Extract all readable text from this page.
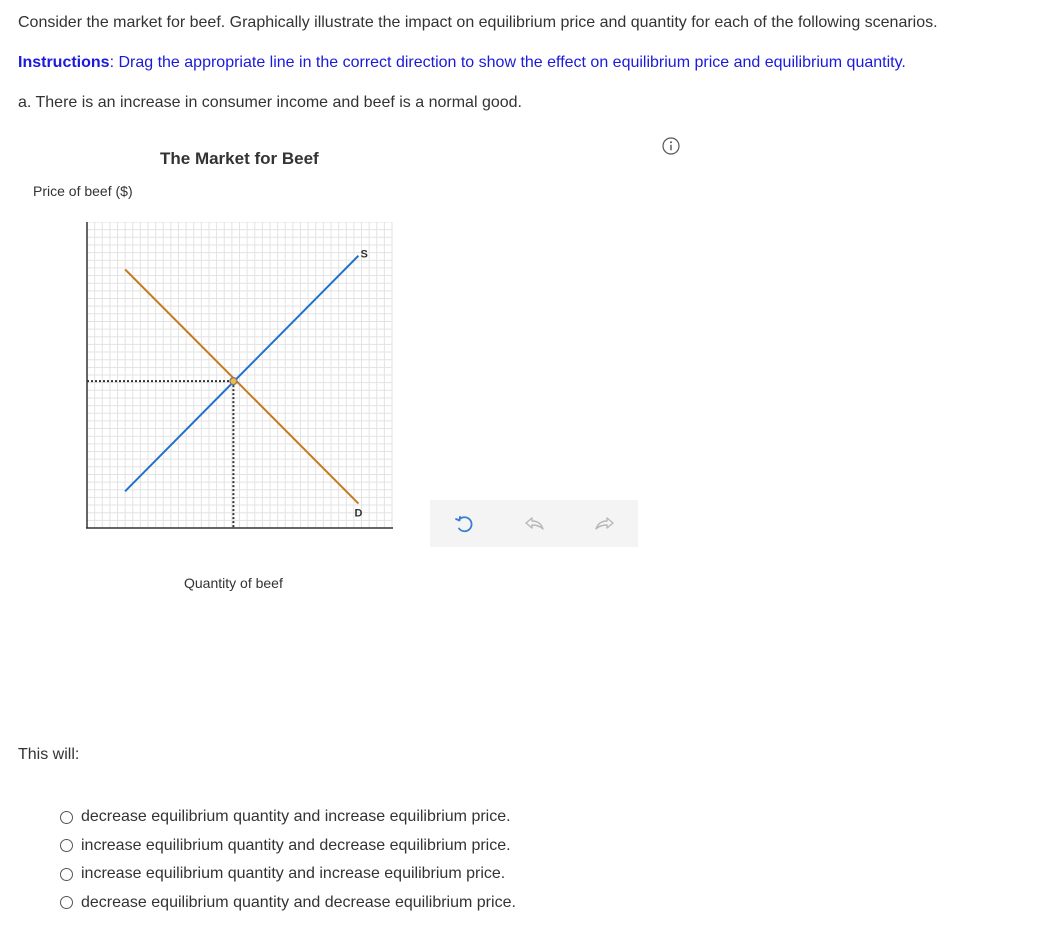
Consider the market for beef. Graphically illustrate the impact on equilibrium price and quantity for each of the following scenarios.
Instructions: Drag the appropriate line in the correct direction to show the effect on equilibrium price and equilibrium quantity.
a. There is an increase in consumer income and beef is a normal good.
The Market for Beef
Price of beef ($)
S
D
Quantity of beef
This will:
decrease equilibrium quantity and increase equilibrium price.
increase equilibrium quantity and decrease equilibrium price.
increase equilibrium quantity and increase equilibrium price.
decrease equilibrium quantity and decrease equilibrium price.
